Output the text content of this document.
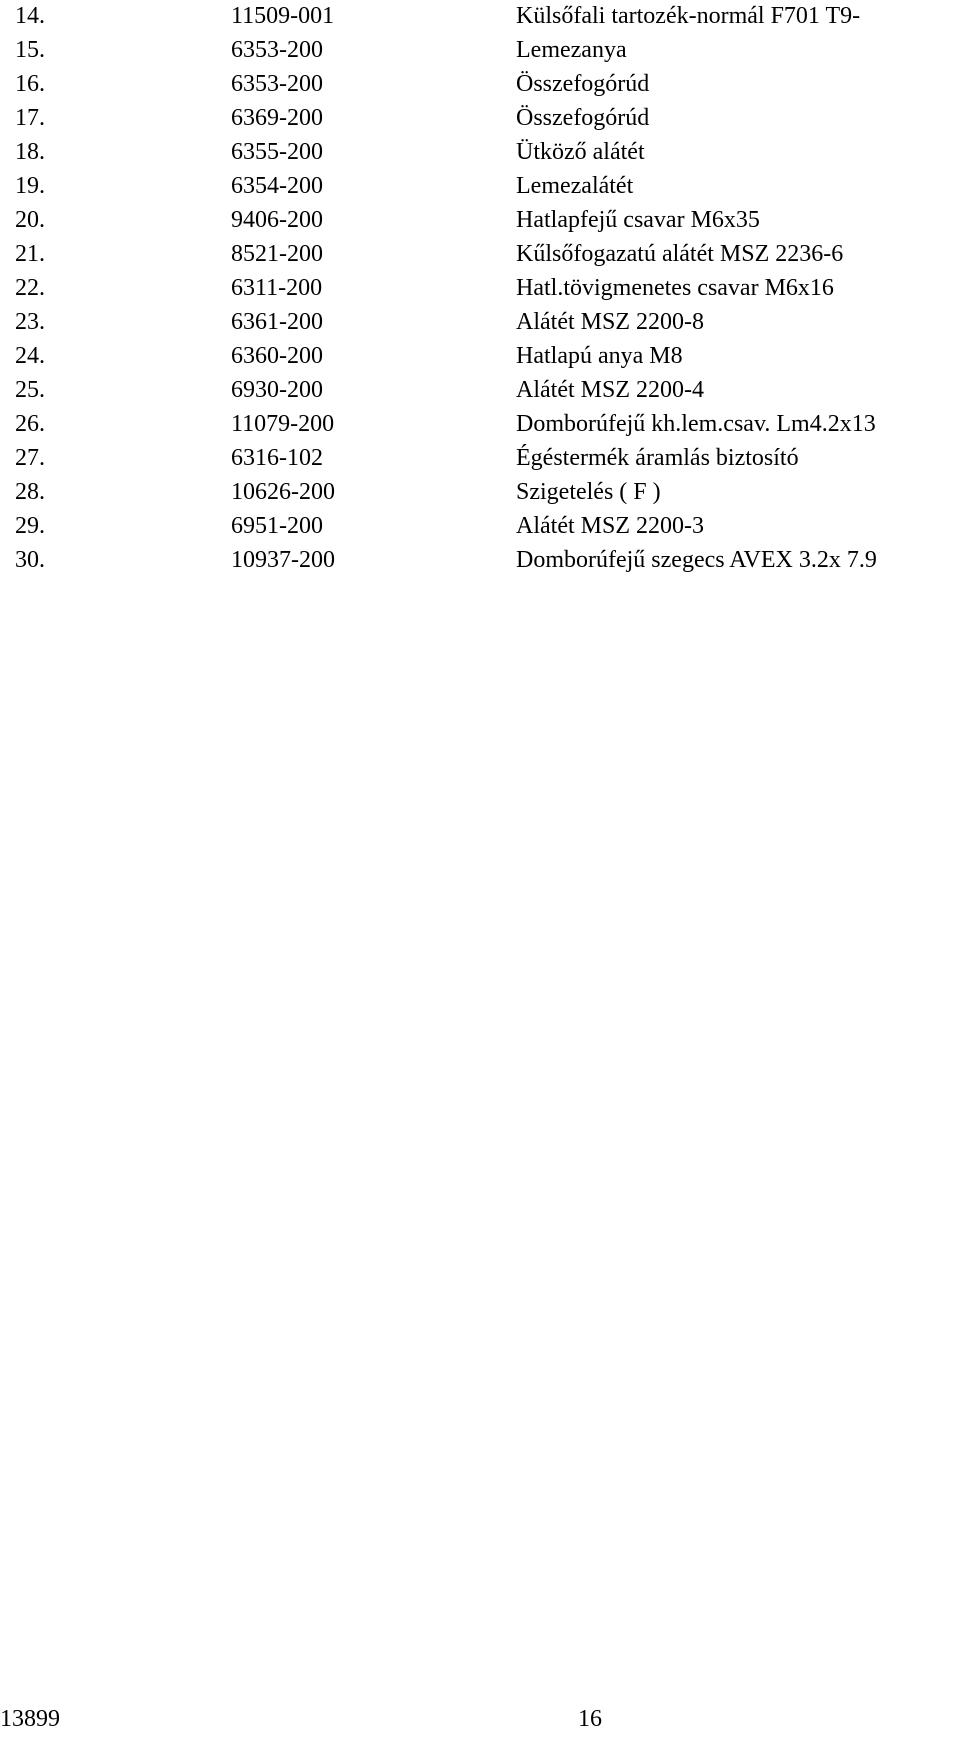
14.	11509-001	Külsőfali tartozék-normál F701 T9-
15.	6353-200	Lemezanya
16.	6353-200	Összefogórúd
17.	6369-200	Összefogórúd
18.	6355-200	Ütköző alátét
19.	6354-200	Lemezalátét
20.	9406-200	Hatlapfejű csavar M6x35
21.	8521-200	Kűlsőfogazatú alátét MSZ 2236-6
22.	6311-200	Hatl.tövigmenetes csavar M6x16
23.	6361-200	Alátét MSZ 2200-8
24.	6360-200	Hatlapú anya M8
25.	6930-200	Alátét MSZ 2200-4
26.	11079-200	Domborúfejű kh.lem.csav. Lm4.2x13
27.	6316-102	Égéstermék áramlás biztosító
28.	10626-200	Szigetelés ( F )
29.	6951-200	Alátét MSZ 2200-3
30.	10937-200	Domborúfejű szegecs AVEX 3.2x 7.9
13899	16
